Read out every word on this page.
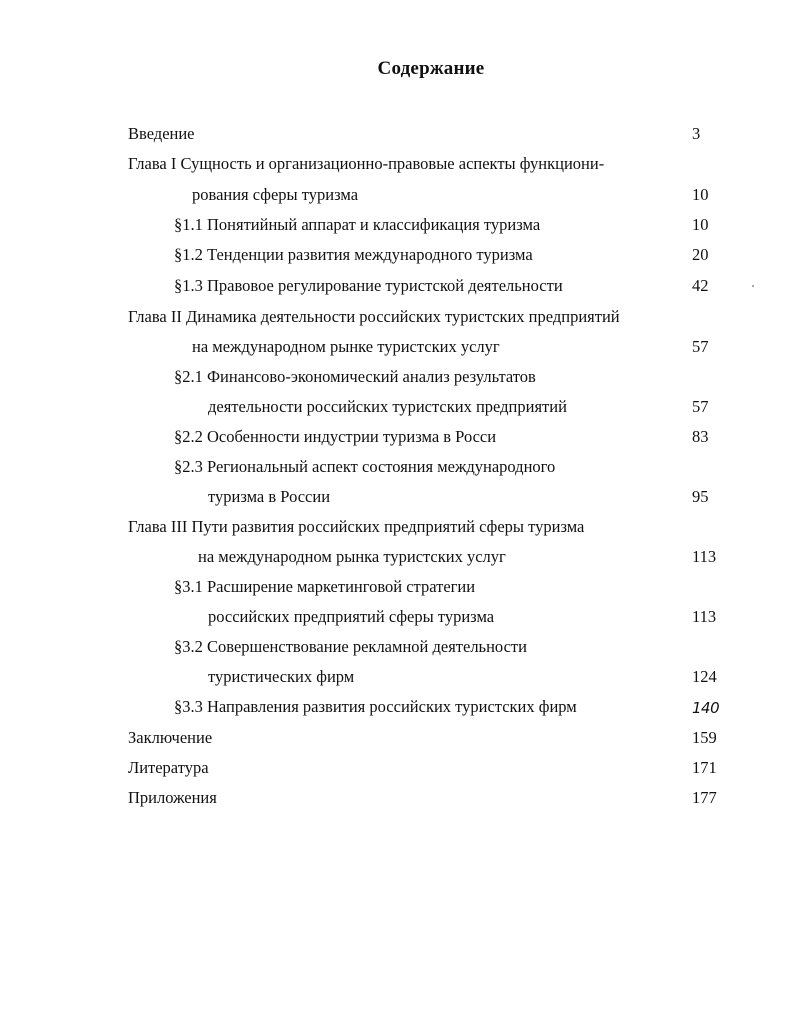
Содержание
Введение	3
Глава I Сущность и организационно-правовые аспекты функциони-
рования сферы туризма	10
§1.1 Понятийный аппарат и классификация туризма	10
§1.2 Тенденции развития международного туризма	20
§1.3 Правовое регулирование туристской деятельности	42
Глава II Динамика деятельности российских туристских предприятий
на международном рынке туристских услуг	57
§2.1 Финансово-экономический анализ результатов
деятельности российских туристских предприятий	57
§2.2 Особенности индустрии туризма в Росси	83
§2.3 Региональный аспект состояния международного
туризма в России	95
Глава III Пути развития российских предприятий сферы туризма
на международном рынка туристских услуг	113
§3.1 Расширение маркетинговой стратегии
российских предприятий сферы туризма	113
§3.2 Совершенствование рекламной деятельности
туристических фирм	124
§3.3 Направления развития российских туристских фирм	140
Заключение	159
Литература	171
Приложения	177
